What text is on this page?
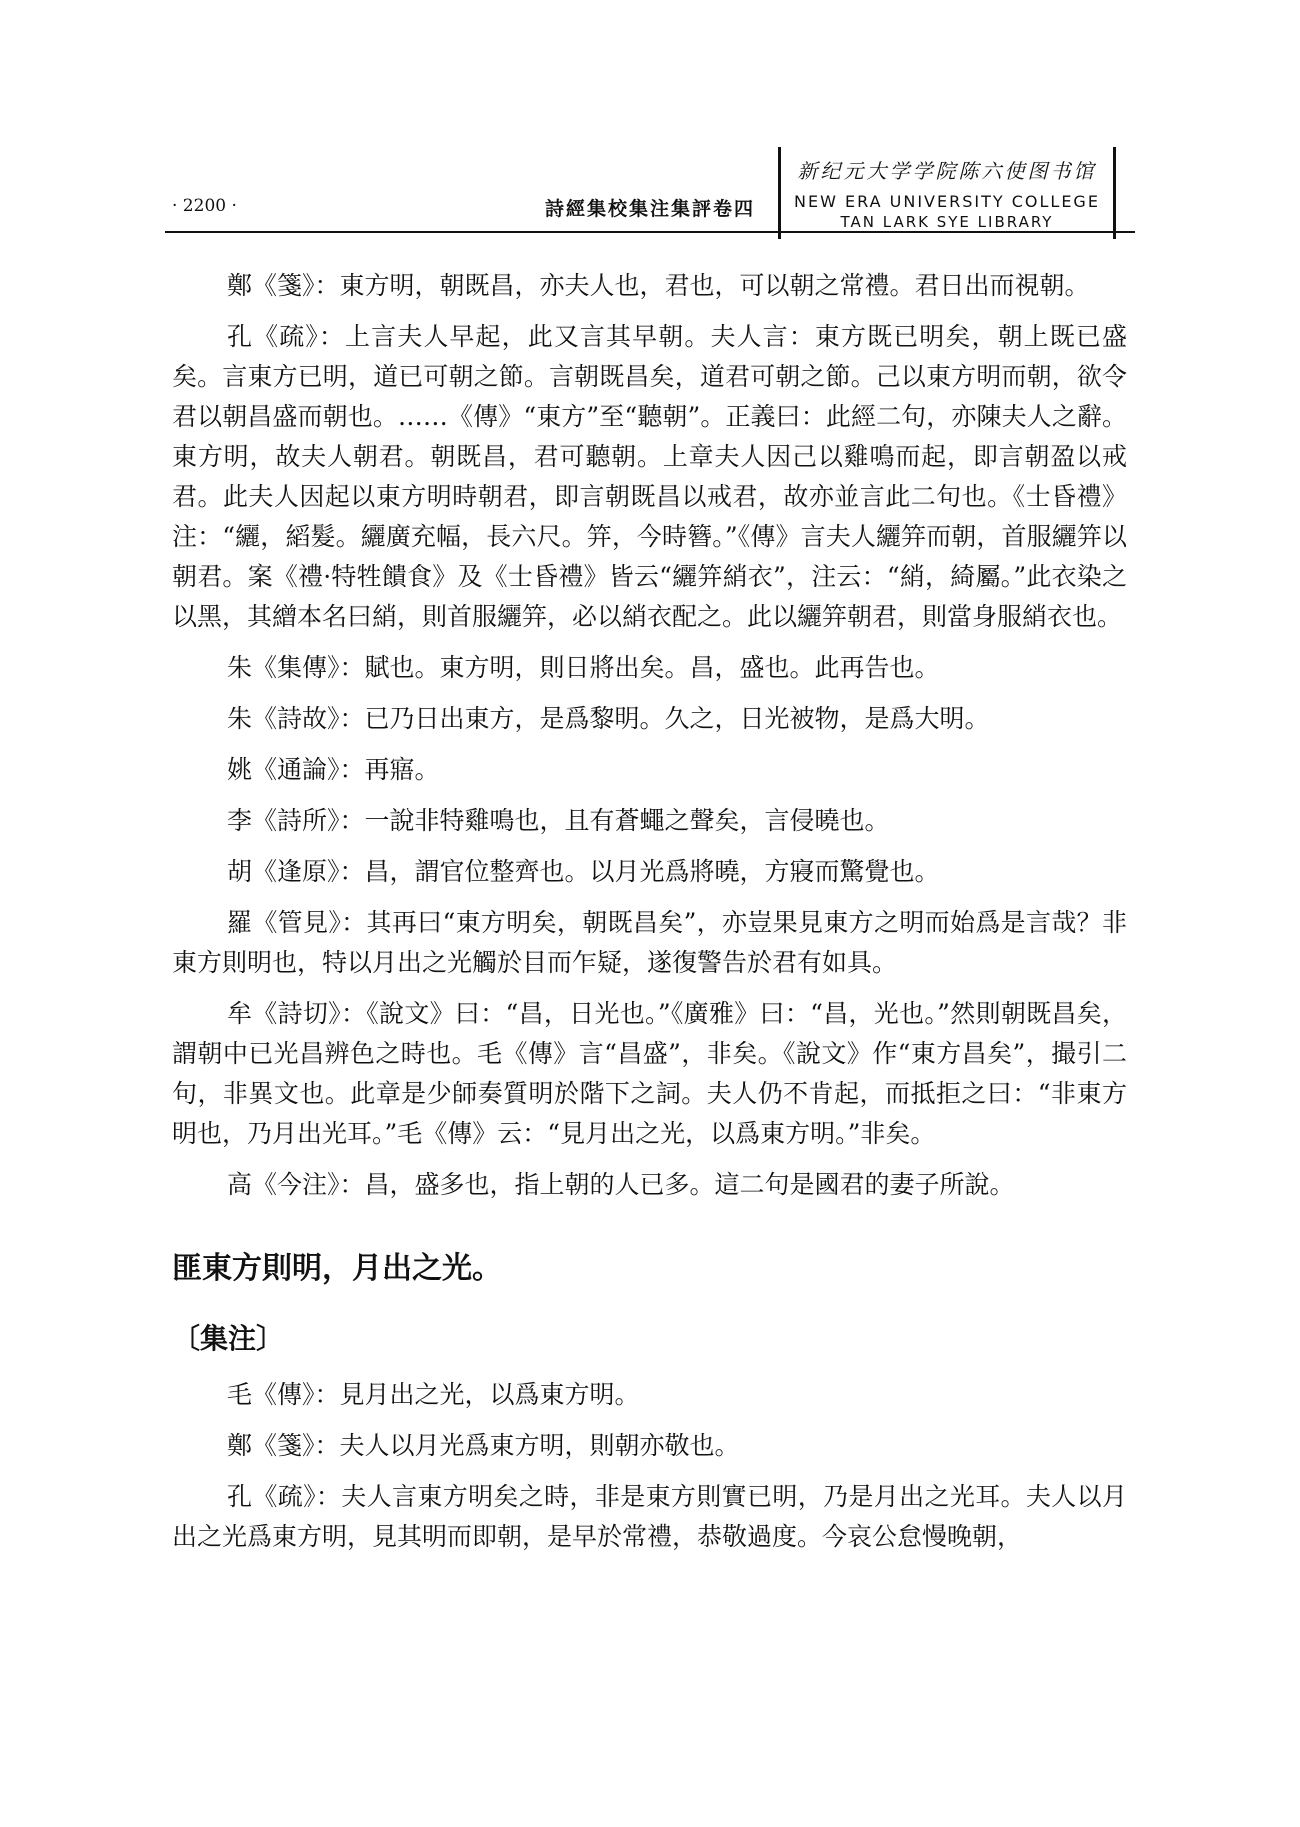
· 2200 ·	詩經集校集注集評卷四
新纪元大学学院陈六使图书馆
NEW ERA UNIVERSITY COLLEGE
TAN LARK SYE LIBRARY

鄭《箋》：東方明，朝既昌，亦夫人也，君也，可以朝之常禮。君日出而視朝。

孔《疏》：上言夫人早起，此又言其早朝。夫人言：東方既已明矣，朝上既已盛矣。言東方已明，道已可朝之節。言朝既昌矣，道君可朝之節。己以東方明而朝，欲令君以朝昌盛而朝也。……《傳》“東方”至“聽朝”。正義曰：此經二句，亦陳夫人之辭。東方明，故夫人朝君。朝既昌，君可聽朝。上章夫人因己以雞鳴而起，即言朝盈以戒君。此夫人因起以東方明時朝君，即言朝既昌以戒君，故亦並言此二句也。《士昏禮》注：“纚，縚髮。纚廣充幅，長六尺。笄，今時簪。”《傳》言夫人纚笄而朝，首服纚笄以朝君。案《禮·特牲饋食》及《士昏禮》皆云“纚笄綃衣”，注云：“綃，綺屬。”此衣染之以黑，其繒本名曰綃，則首服纚笄，必以綃衣配之。此以纚笄朝君，則當身服綃衣也。

朱《集傳》：賦也。東方明，則日將出矣。昌，盛也。此再告也。

朱《詩故》：已乃日出東方，是爲黎明。久之，日光被物，是爲大明。

姚《通論》：再寤。

李《詩所》：一說非特雞鳴也，且有蒼蠅之聲矣，言侵曉也。

胡《逢原》：昌，謂官位整齊也。以月光爲將曉，方寢而驚覺也。

羅《管見》：其再曰“東方明矣，朝既昌矣”，亦豈果見東方之明而始爲是言哉？非東方則明也，特以月出之光觸於目而乍疑，遂復警告於君有如具。

牟《詩切》：《說文》曰：“昌，日光也。”《廣雅》曰：“昌，光也。”然則朝既昌矣，謂朝中已光昌辨色之時也。毛《傳》言“昌盛”，非矣。《說文》作“東方昌矣”，撮引二句，非異文也。此章是少師奏質明於階下之詞。夫人仍不肯起，而抵拒之曰：“非東方明也，乃月出光耳。”毛《傳》云：“見月出之光，以爲東方明。”非矣。

高《今注》：昌，盛多也，指上朝的人已多。這二句是國君的妻子所說。

匪東方則明，月出之光。
〔集注〕

毛《傳》：見月出之光，以爲東方明。

鄭《箋》：夫人以月光爲東方明，則朝亦敬也。

孔《疏》：夫人言東方明矣之時，非是東方則實已明，乃是月出之光耳。夫人以月出之光爲東方明，見其明而即朝，是早於常禮，恭敬過度。今哀公怠慢晚朝，
